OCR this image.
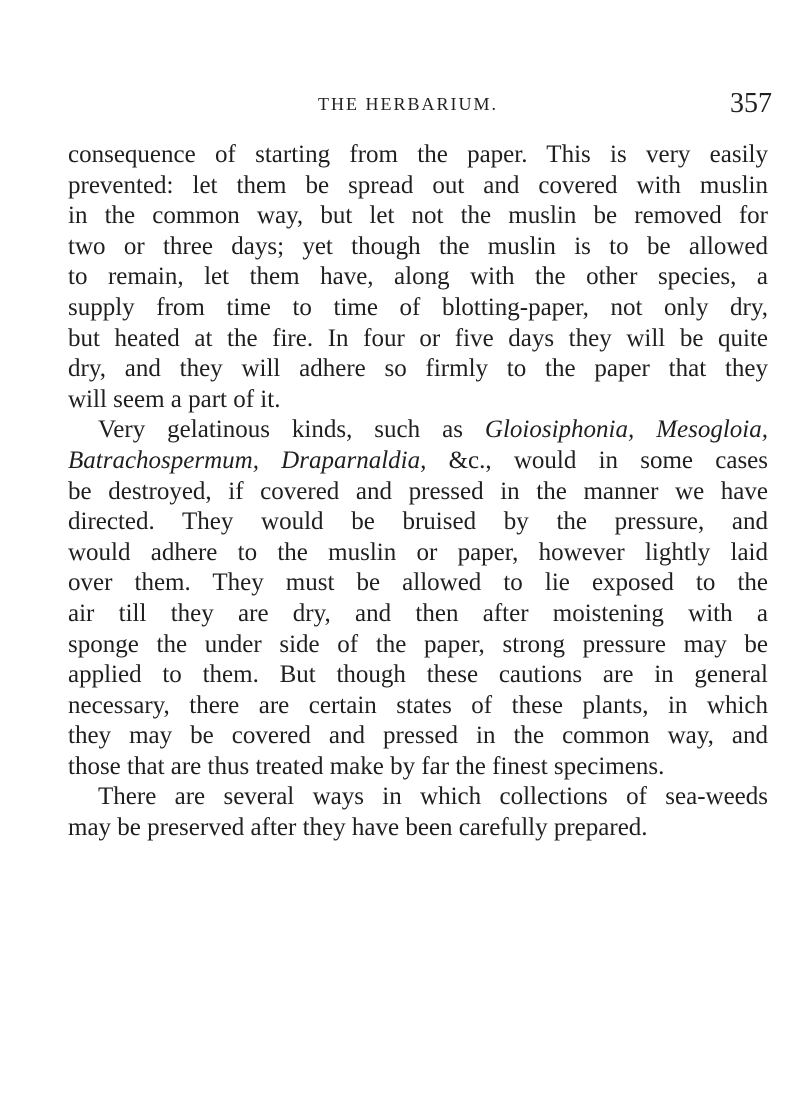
THE HERBARIUM.	357
consequence of starting from the paper. This is very easily
prevented: let them be spread out and covered with muslin
in the common way, but let not the muslin be removed for
two or three days; yet though the muslin is to be allowed
to remain, let them have, along with the other species, a
supply from time to time of blotting-paper, not only dry,
but heated at the fire. In four or five days they will be quite
dry, and they will adhere so firmly to the paper that they
will seem a part of it.
Very gelatinous kinds, such as Gloiosiphonia, Mesogloia,
Batrachospermum, Draparnaldia, &c., would in some cases
be destroyed, if covered and pressed in the manner we have
directed. They would be bruised by the pressure, and
would adhere to the muslin or paper, however lightly laid
over them. They must be allowed to lie exposed to the
air till they are dry, and then after moistening with a
sponge the under side of the paper, strong pressure may be
applied to them. But though these cautions are in general
necessary, there are certain states of these plants, in which
they may be covered and pressed in the common way, and
those that are thus treated make by far the finest specimens.
There are several ways in which collections of sea-weeds
may be preserved after they have been carefully prepared.
